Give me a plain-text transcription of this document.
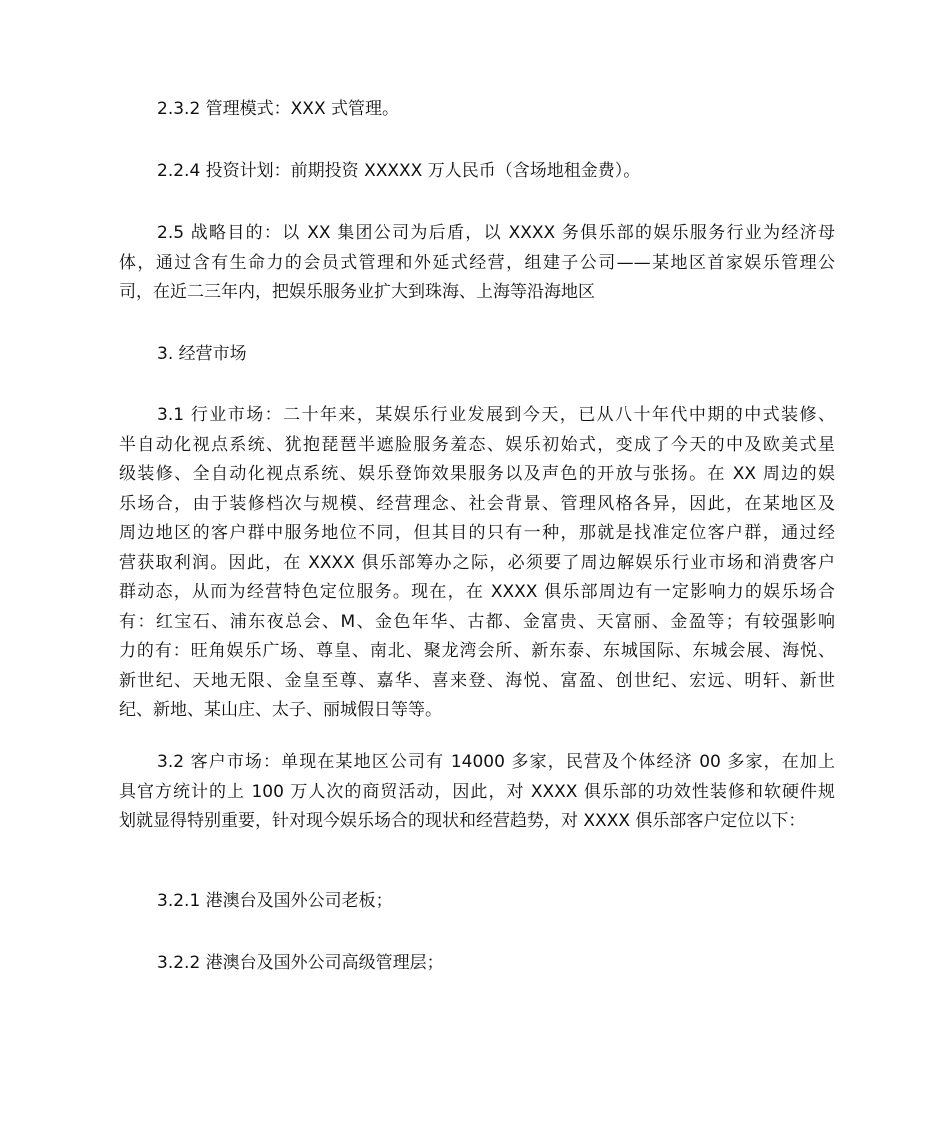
2.3.2 管理模式：XXX 式管理。
2.2.4 投资计划：前期投资 XXXXX 万人民币（含场地租金费）。
2.5 战略目的：以 XX 集团公司为后盾，以 XXXX 务俱乐部的娱乐服务行业为经济母
体，通过含有生命力的会员式管理和外延式经营，组建子公司——某地区首家娱乐管理公
司，在近二三年内，把娱乐服务业扩大到珠海、上海等沿海地区
3. 经营市场
3.1 行业市场：二十年来，某娱乐行业发展到今天，已从八十年代中期的中式装修、
半自动化视点系统、犹抱琵琶半遮脸服务羞态、娱乐初始式，变成了今天的中及欧美式星
级装修、全自动化视点系统、娱乐登饰效果服务以及声色的开放与张扬。在 XX 周边的娱
乐场合，由于装修档次与规模、经营理念、社会背景、管理风格各异，因此，在某地区及
周边地区的客户群中服务地位不同，但其目的只有一种，那就是找准定位客户群，通过经
营获取利润。因此，在 XXXX 俱乐部筹办之际，必须要了周边解娱乐行业市场和消费客户
群动态，从而为经营特色定位服务。现在，在 XXXX 俱乐部周边有一定影响力的娱乐场合
有：红宝石、浦东夜总会、M、金色年华、古都、金富贵、天富丽、金盈等；有较强影响
力的有：旺角娱乐广场、尊皇、南北、聚龙湾会所、新东泰、东城国际、东城会展、海悦、
新世纪、天地无限、金皇至尊、嘉华、喜来登、海悦、富盈、创世纪、宏远、明轩、新世
纪、新地、某山庄、太子、丽城假日等等。
3.2 客户市场：单现在某地区公司有 14000 多家，民营及个体经济 00 多家，在加上
具官方统计的上 100 万人次的商贸活动，因此，对 XXXX 俱乐部的功效性装修和软硬件规
划就显得特别重要，针对现今娱乐场合的现状和经营趋势，对 XXXX 俱乐部客户定位以下：
3.2.1 港澳台及国外公司老板；
3.2.2 港澳台及国外公司高级管理层；
